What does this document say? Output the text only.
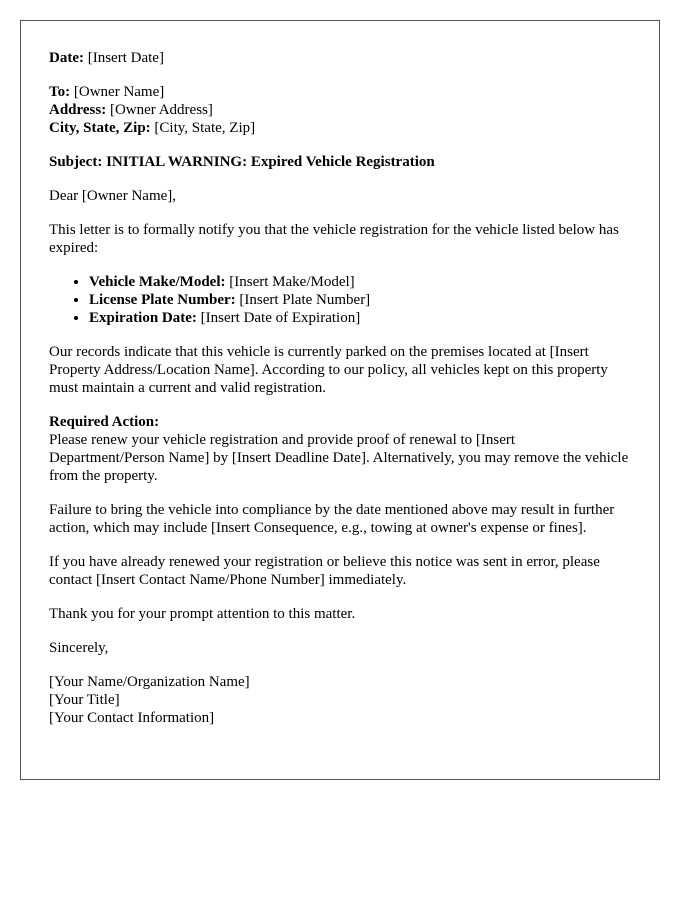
Date: [Insert Date]

To: [Owner Name]
Address: [Owner Address]
City, State, Zip: [City, State, Zip]

Subject: INITIAL WARNING: Expired Vehicle Registration

Dear [Owner Name],

This letter is to formally notify you that the vehicle registration for the vehicle listed below has expired:

• Vehicle Make/Model: [Insert Make/Model]
• License Plate Number: [Insert Plate Number]
• Expiration Date: [Insert Date of Expiration]

Our records indicate that this vehicle is currently parked on the premises located at [Insert Property Address/Location Name]. According to our policy, all vehicles kept on this property must maintain a current and valid registration.

Required Action:
Please renew your vehicle registration and provide proof of renewal to [Insert Department/Person Name] by [Insert Deadline Date]. Alternatively, you may remove the vehicle from the property.

Failure to bring the vehicle into compliance by the date mentioned above may result in further action, which may include [Insert Consequence, e.g., towing at owner's expense or fines].

If you have already renewed your registration or believe this notice was sent in error, please contact [Insert Contact Name/Phone Number] immediately.

Thank you for your prompt attention to this matter.

Sincerely,

[Your Name/Organization Name]
[Your Title]
[Your Contact Information]
